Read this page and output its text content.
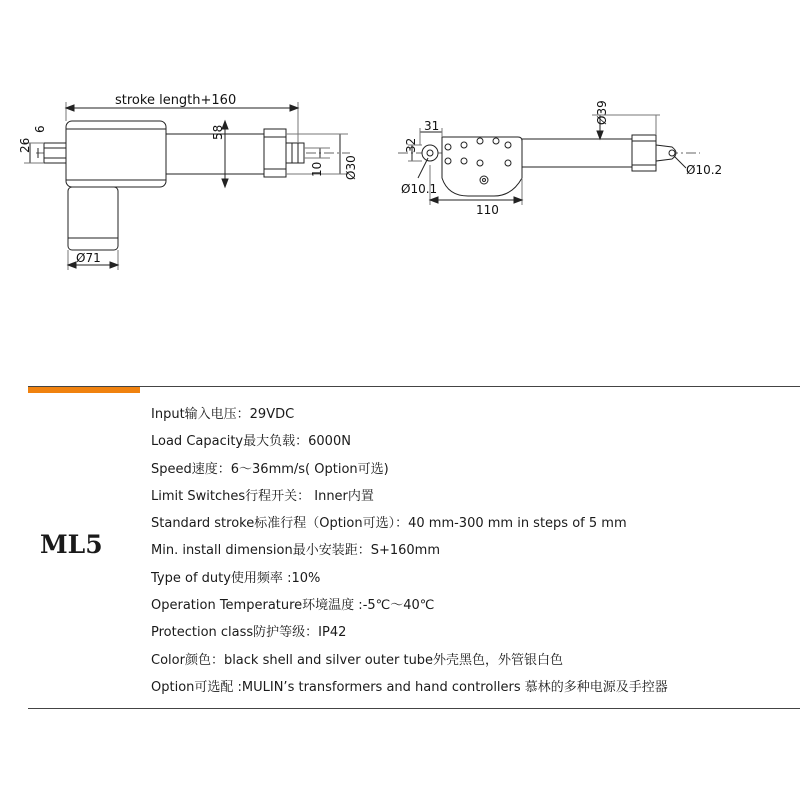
stroke length+160
26
6	58
10 Ø30
Ø71
31
32
Ø39
Ø10.1
110
Ø10.2
ML5
Input输入电压：29VDC
Load Capacity最大负载：6000N
Speed速度：6～36mm/s( Option可选)
Limit Switches行程开关： Inner内置
Standard stroke标准行程（Option可选）：40 mm-300 mm in steps of 5 mm
Min. install dimension最小安装距：S+160mm
Type of duty使用频率 :10%
Operation Temperature环境温度 :-5℃～40℃
Protection class防护等级：IP42
Color颜色：black shell and silver outer tube外壳黑色，外管银白色
Option可选配 :MULIN’s transformers and hand controllers 慕林的多种电源及手控器
